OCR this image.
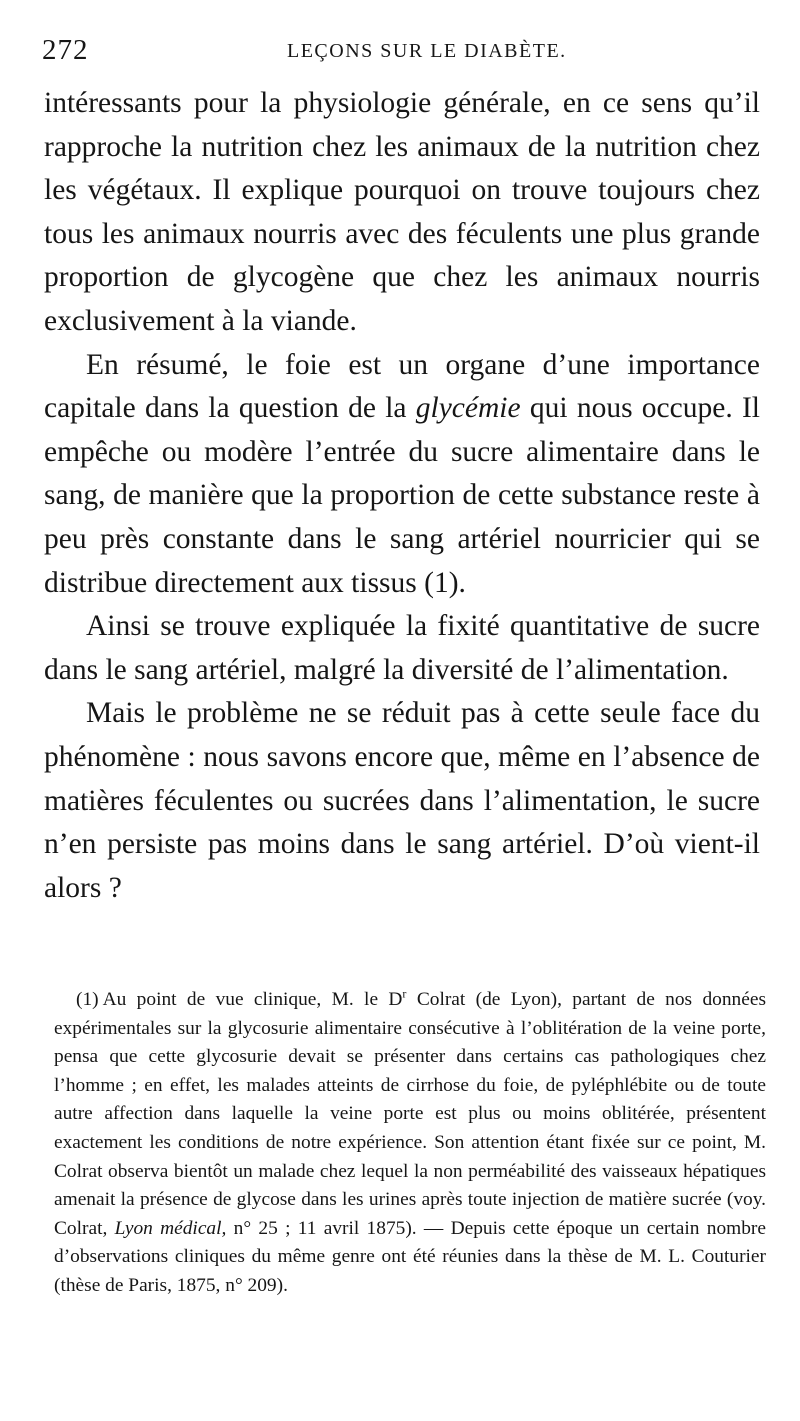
272	LEÇONS SUR LE DIABÈTE.

intéressants pour la physiologie générale, en ce sens qu’il rapproche la nutrition chez les animaux de la nutrition chez les végétaux. Il explique pourquoi on trouve toujours chez tous les animaux nourris avec des féculents une plus grande proportion de glycogène que chez les animaux nourris exclusivement à la viande.

En résumé, le foie est un organe d’une importance capitale dans la question de la glycémie qui nous occupe. Il empêche ou modère l’entrée du sucre alimentaire dans le sang, de manière que la proportion de cette substance reste à peu près constante dans le sang artériel nourricier qui se distribue directement aux tissus (1).

Ainsi se trouve expliquée la fixité quantitative de sucre dans le sang artériel, malgré la diversité de l’alimentation.

Mais le problème ne se réduit pas à cette seule face du phénomène : nous savons encore que, même en l’absence de matières féculentes ou sucrées dans l’alimentation, le sucre n’en persiste pas moins dans le sang artériel. D’où vient-il alors ?

(1) Au point de vue clinique, M. le $D^r$ Colrat (de Lyon), partant de nos données expérimentales sur la glycosurie alimentaire consécutive à l’oblitération de la veine porte, pensa que cette glycosurie devait se présenter dans certains cas pathologiques chez l’homme ; en effet, les malades atteints de cirrhose du foie, de pyléphlébite ou de toute autre affection dans laquelle la veine porte est plus ou moins oblitérée, présentent exactement les conditions de notre expérience. Son attention étant fixée sur ce point, M. Colrat observa bientôt un malade chez lequel la non perméabilité des vaisseaux hépatiques amenait la présence de glycose dans les urines après toute injection de matière sucrée (voy. Colrat, Lyon médical, n° 25 ; 11 avril 1875). — Depuis cette époque un certain nombre d’observations cliniques du même genre ont été réunies dans la thèse de M. L. Couturier (thèse de Paris, 1875, n° 209).
